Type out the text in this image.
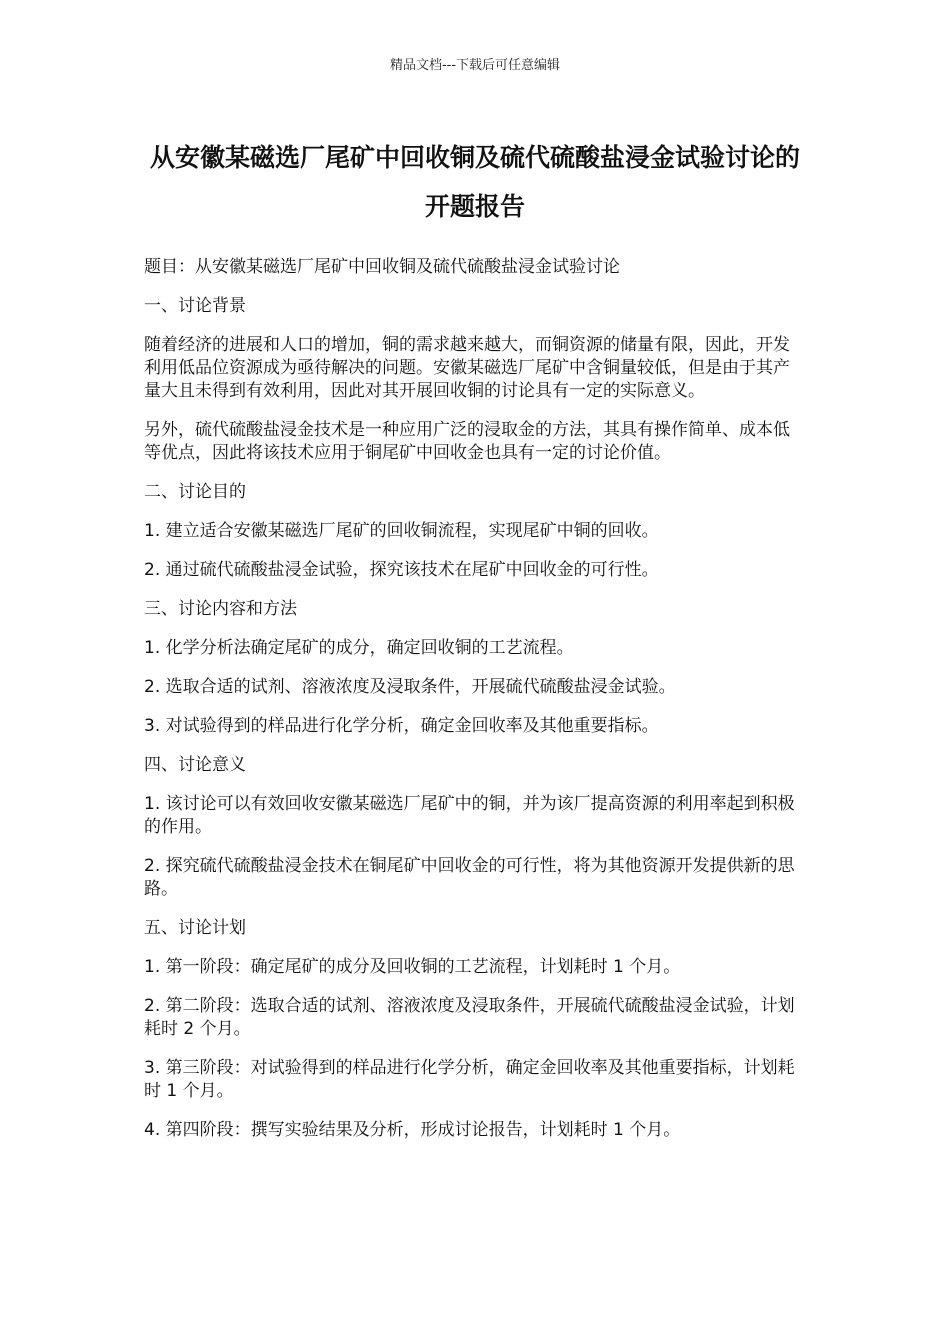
精品文档---下载后可任意编辑
从安徽某磁选厂尾矿中回收铜及硫代硫酸盐浸金试验讨论的开题报告

题目：从安徽某磁选厂尾矿中回收铜及硫代硫酸盐浸金试验讨论

一、讨论背景

随着经济的进展和人口的增加，铜的需求越来越大，而铜资源的储量有限，因此，开发利用低品位资源成为亟待解决的问题。安徽某磁选厂尾矿中含铜量较低，但是由于其产量大且未得到有效利用，因此对其开展回收铜的讨论具有一定的实际意义。

另外，硫代硫酸盐浸金技术是一种应用广泛的浸取金的方法，其具有操作简单、成本低等优点，因此将该技术应用于铜尾矿中回收金也具有一定的讨论价值。

二、讨论目的

1. 建立适合安徽某磁选厂尾矿的回收铜流程，实现尾矿中铜的回收。

2. 通过硫代硫酸盐浸金试验，探究该技术在尾矿中回收金的可行性。

三、讨论内容和方法

1. 化学分析法确定尾矿的成分，确定回收铜的工艺流程。

2. 选取合适的试剂、溶液浓度及浸取条件，开展硫代硫酸盐浸金试验。

3. 对试验得到的样品进行化学分析，确定金回收率及其他重要指标。

四、讨论意义

1. 该讨论可以有效回收安徽某磁选厂尾矿中的铜，并为该厂提高资源的利用率起到积极的作用。

2. 探究硫代硫酸盐浸金技术在铜尾矿中回收金的可行性，将为其他资源开发提供新的思路。

五、讨论计划

1. 第一阶段：确定尾矿的成分及回收铜的工艺流程，计划耗时 1 个月。

2. 第二阶段：选取合适的试剂、溶液浓度及浸取条件，开展硫代硫酸盐浸金试验，计划耗时 2 个月。

3. 第三阶段：对试验得到的样品进行化学分析，确定金回收率及其他重要指标，计划耗时 1 个月。

4. 第四阶段：撰写实验结果及分析，形成讨论报告，计划耗时 1 个月。
